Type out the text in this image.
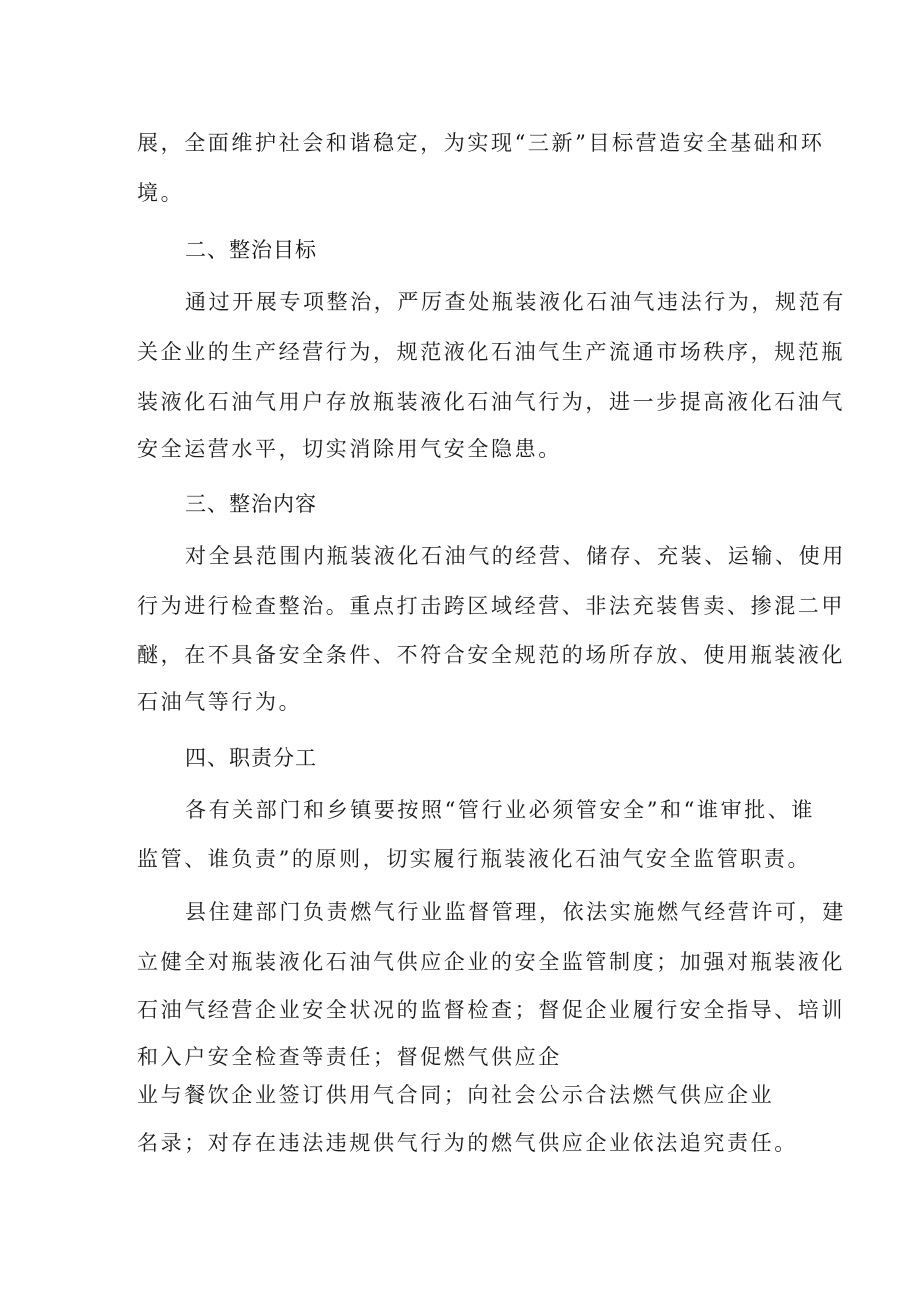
展，全面维护社会和谐稳定，为实现“三新”目标营造安全基础和环
境。
二、整治目标
通过开展专项整治，严厉查处瓶装液化石油气违法行为，规范有
关企业的生产经营行为，规范液化石油气生产流通市场秩序，规范瓶
装液化石油气用户存放瓶装液化石油气行为，进一步提高液化石油气
安全运营水平，切实消除用气安全隐患。
三、整治内容
对全县范围内瓶装液化石油气的经营、储存、充装、运输、使用
行为进行检查整治。重点打击跨区域经营、非法充装售卖、掺混二甲
醚，在不具备安全条件、不符合安全规范的场所存放、使用瓶装液化
石油气等行为。
四、职责分工
各有关部门和乡镇要按照“管行业必须管安全”和“谁审批、谁
监管、谁负责”的原则，切实履行瓶装液化石油气安全监管职责。
县住建部门负责燃气行业监督管理，依法实施燃气经营许可，建
立健全对瓶装液化石油气供应企业的安全监管制度；加强对瓶装液化
石油气经营企业安全状况的监督检查；督促企业履行安全指导、培训
和入户安全检查等责任；督促燃气供应企
业与餐饮企业签订供用气合同；向社会公示合法燃气供应企业
名录；对存在违法违规供气行为的燃气供应企业依法追究责任。
